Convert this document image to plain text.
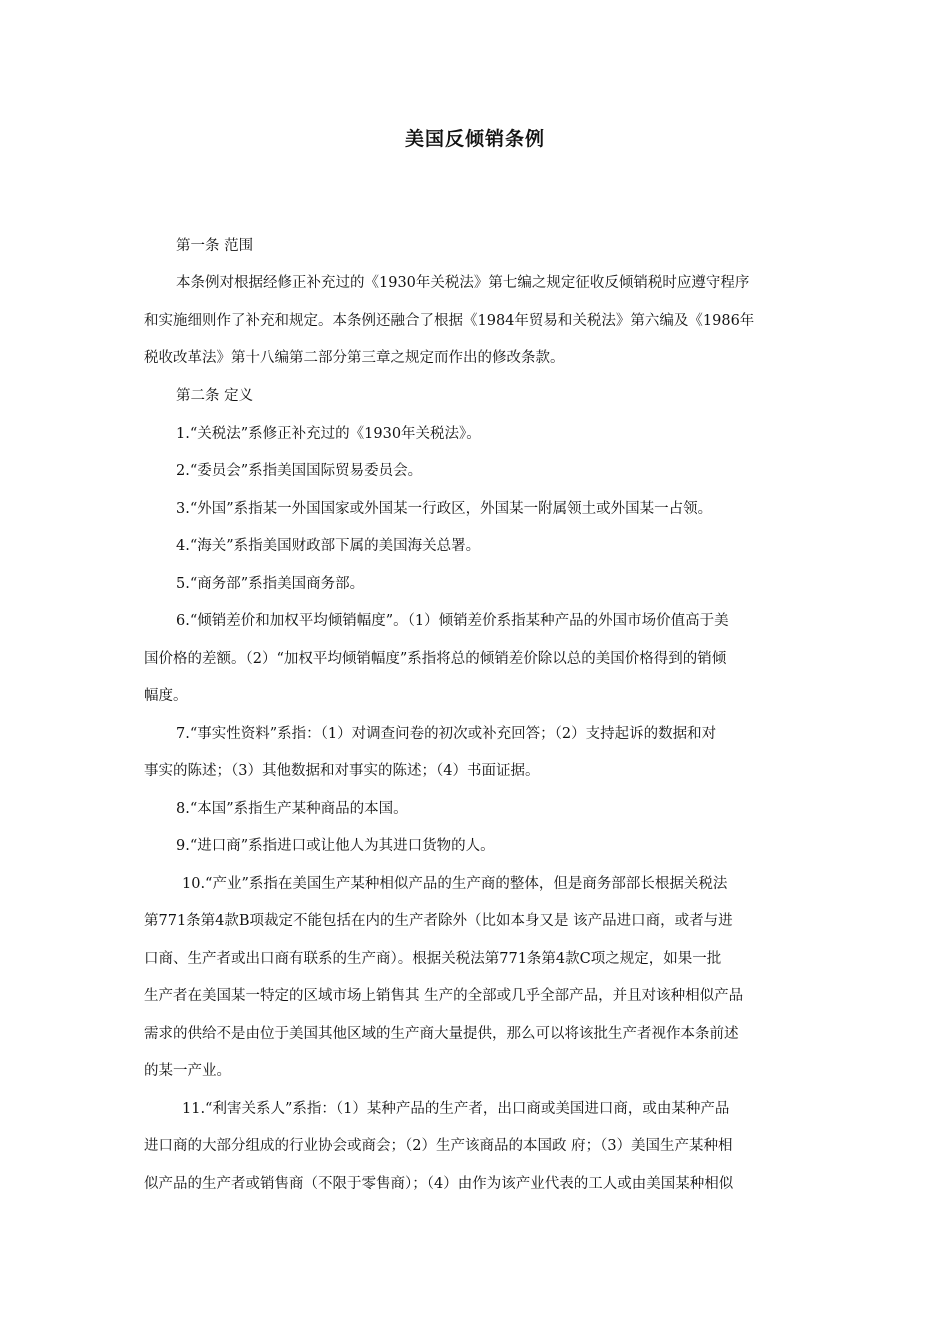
美国反倾销条例
第一条 范围
本条例对根据经修正补充过的《1930年关税法》第七编之规定征收反倾销税时应遵守程序
和实施细则作了补充和规定。本条例还融合了根据《1984年贸易和关税法》第六编及《1986年
税收改革法》第十八编第二部分第三章之规定而作出的修改条款。
第二条 定义
1.“关税法”系修正补充过的《1930年关税法》。
2.“委员会”系指美国国际贸易委员会。
3.“外国”系指某一外国国家或外国某一行政区，外国某一附属领土或外国某一占领。
4.“海关”系指美国财政部下属的美国海关总署。
5.“商务部”系指美国商务部。
6.“倾销差价和加权平均倾销幅度”。（1）倾销差价系指某种产品的外国市场价值高于美
国价格的差额。（2）“加权平均倾销幅度”系指将总的倾销差价除以总的美国价格得到的销倾
幅度。
7.“事实性资料”系指：（1）对调查问卷的初次或补充回答；（2）支持起诉的数据和对
事实的陈述；（3）其他数据和对事实的陈述；（4）书面证据。
8.“本国”系指生产某种商品的本国。
9.“进口商”系指进口或让他人为其进口货物的人。
10.“产业”系指在美国生产某种相似产品的生产商的整体，但是商务部部长根据关税法
第771条第4款B项裁定不能包括在内的生产者除外（比如本身又是 该产品进口商，或者与进
口商、生产者或出口商有联系的生产商）。根据关税法第771条第4款C项之规定，如果一批
生产者在美国某一特定的区域市场上销售其 生产的全部或几乎全部产品，并且对该种相似产品
需求的供给不是由位于美国其他区域的生产商大量提供，那么可以将该批生产者视作本条前述
的某一产业。
11.“利害关系人”系指：（1）某种产品的生产者，出口商或美国进口商，或由某种产品
进口商的大部分组成的行业协会或商会；（2）生产该商品的本国政 府；（3）美国生产某种相
似产品的生产者或销售商（不限于零售商）；（4）由作为该产业代表的工人或由美国某种相似
